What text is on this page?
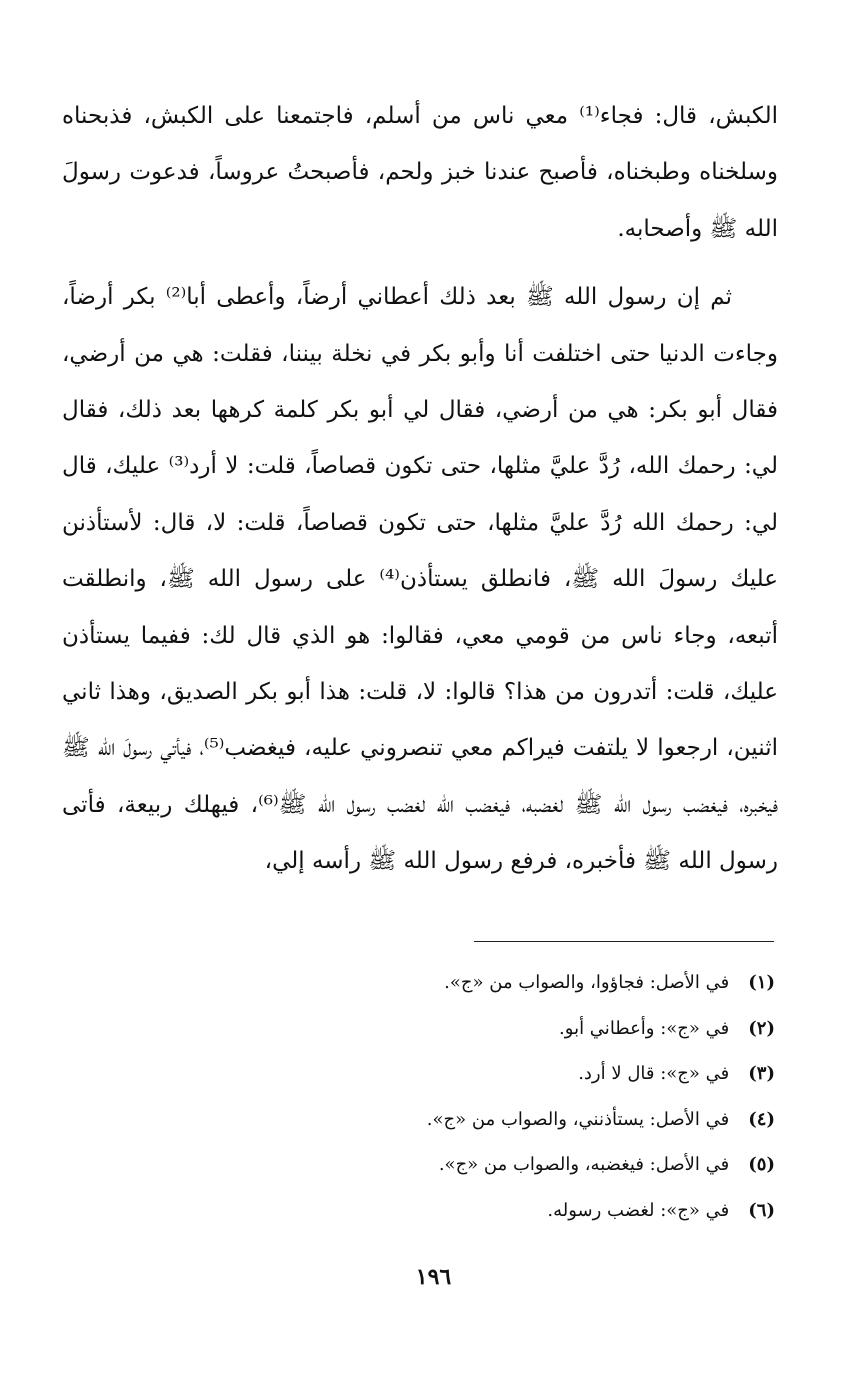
الكبش، قال: فجاء⁽¹⁾ معي ناس من أسلم، فاجتمعنا على الكبش، فذبحناه وسلخناه وطبخناه، فأصبح عندنا خبز ولحم، فأصبحتُ عروساً، فدعوت رسولَ الله ﷺ وأصحابه.

ثم إن رسول الله ﷺ بعد ذلك أعطاني أرضاً، وأعطى أبا⁽²⁾ بكر أرضاً، وجاءت الدنيا حتى اختلفت أنا وأبو بكر في نخلة بيننا، فقلت: هي من أرضي، فقال أبو بكر: هي من أرضي، فقال لي أبو بكر كلمة كرهها بعد ذلك، فقال لي: رحمك الله، رُدَّ عليَّ مثلها، حتى تكون قصاصاً، قلت: لا أرد⁽³⁾ عليك، قال لي: رحمك الله رُدَّ عليَّ مثلها، حتى تكون قصاصاً، قلت: لا، قال: لأستأذنن عليك رسولَ الله ﷺ، فانطلق يستأذن⁽⁴⁾ على رسول الله ﷺ، وانطلقت أتبعه، وجاء ناس من قومي معي، فقالوا: هو الذي قال لك: ففيما يستأذن عليك، قلت: أتدرون من هذا؟ قالوا: لا، قلت: هذا أبو بكر الصديق، وهذا ثاني اثنين، ارجعوا لا يلتفت فيراكم معي تنصروني عليه، فيغضب⁽⁵⁾، فيأتي رسولَ الله ﷺ فيخبره، فيغضب رسول الله ﷺ لغضبه، فيغضب الله لغضب رسول الله ﷺ⁽⁶⁾، فيهلك ربيعة، فأتى رسول الله ﷺ فأخبره، فرفع رسول الله ﷺ رأسه إلي،

(١) في الأصل: فجاؤوا، والصواب من «ج».
(٢) في «ج»: وأعطاني أبو.
(٣) في «ج»: قال لا أرد.
(٤) في الأصل: يستأذنني، والصواب من «ج».
(٥) في الأصل: فيغضبه، والصواب من «ج».
(٦) في «ج»: لغضب رسوله.
١٩٦
